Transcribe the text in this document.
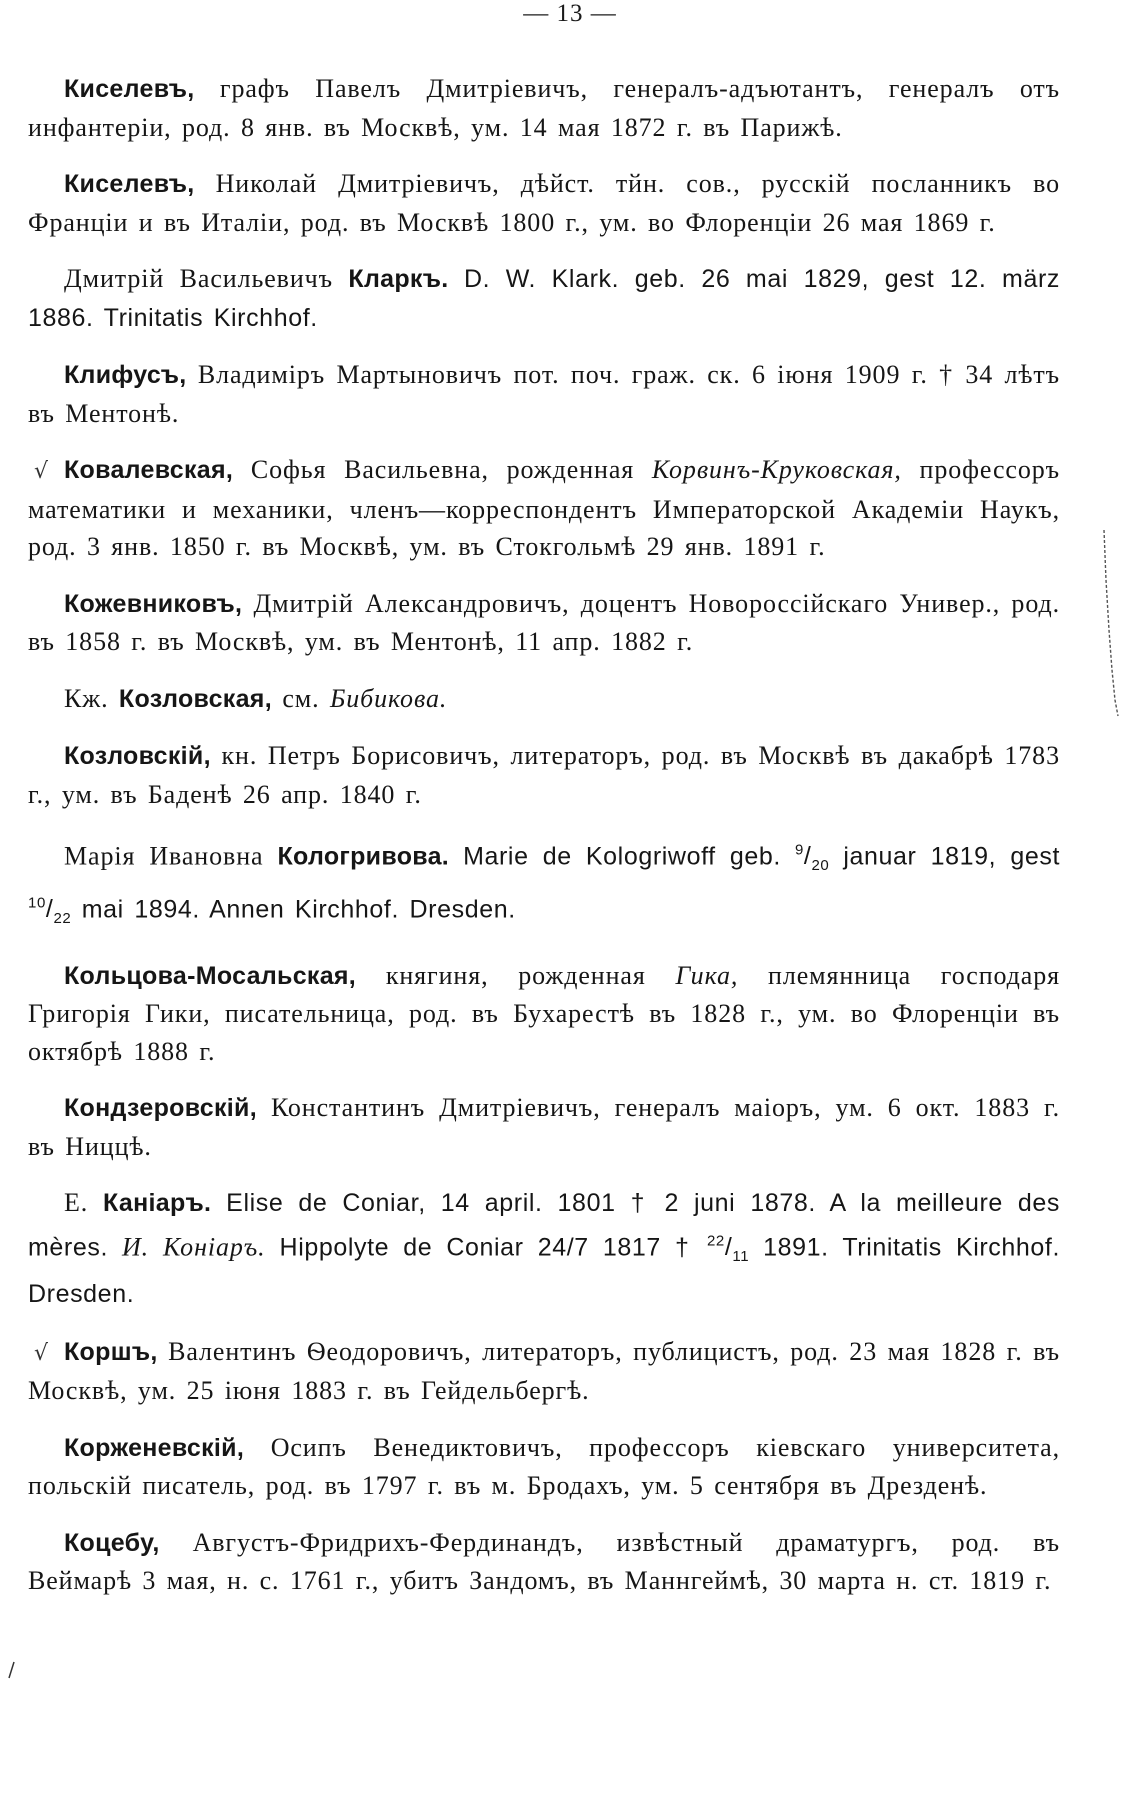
— 13 —

Киселевъ, графъ Павелъ Дмитріевичъ, генералъ-адъютантъ, генералъ отъ инфантеріи, род. 8 янв. въ Москвѣ, ум. 14 мая 1872 г. въ Парижѣ.

Киселевъ, Николай Дмитріевичъ, дѣйст. тйн. сов., русскій посланникъ во Франціи и въ Италіи, род. въ Москвѣ 1800 г., ум. во Флоренціи 26 мая 1869 г.

Дмитрій Васильевичъ Кларкъ. D. W. Klark. geb. 26 mai 1829, gest 12. märz 1886. Trinitatis Kirchhof.

Клифусъ, Владиміръ Мартыновичъ пот. поч. граж. ск. 6 іюня 1909 г. † 34 лѣтъ въ Ментонѣ.

√ Ковалевская, Софья Васильевна, рожденная Корвинъ-Круковская, профессоръ математики и механики, членъ—корреспондентъ Императорской Академіи Наукъ, род. 3 янв. 1850 г. въ Москвѣ, ум. въ Стокгольмѣ 29 янв. 1891 г.

Кожевниковъ, Дмитрій Александровичъ, доцентъ Новороссійскаго Универ., род. въ 1858 г. въ Москвѣ, ум. въ Ментонѣ, 11 апр. 1882 г.

Кж. Козловская, см. Бибикова.

Козловскій, кн. Петръ Борисовичъ, литераторъ, род. въ Москвѣ въ дакабрѣ 1783 г., ум. въ Баденѣ 26 апр. 1840 г.

Марія Ивановна Кологривова. Marie de Kologriwoff geb. $^9/_{20}$ januar 1819, gest $^{10}/_{22}$ mai 1894. Annen Kirchhof. Dresden.

Кольцова-Мосальская, княгиня, рожденная Гика, племянница господаря Григорія Гики, писательница, род. въ Бухарестѣ въ 1828 г., ум. во Флоренціи въ октябрѣ 1888 г.

Кондзеровскій, Константинъ Дмитріевичъ, генералъ маіоръ, ум. 6 окт. 1883 г. въ Ниццѣ.

Е. Каніаръ. Elise de Coniar, 14 april. 1801 † 2 juni 1878. A la meilleure des mères. И. Коніаръ. Hippolyte de Coniar 24/7 1817 † $^{22}/_{11}$ 1891. Trinitatis Kirchhof. Dresden.

√ Коршъ, Валентинъ Ѳеодоровичъ, литераторъ, публицистъ, род. 23 мая 1828 г. въ Москвѣ, ум. 25 іюня 1883 г. въ Гейдельбергѣ.

Корженевскій, Осипъ Венедиктовичъ, профессоръ кіевскаго университета, польскій писатель, род. въ 1797 г. въ м. Бродахъ, ум. 5 сентября въ Дрезденѣ.

Коцебу, Августъ-Фридрихъ-Фердинандъ, извѣстный драматургъ, род. въ Веймарѣ 3 мая, н. с. 1761 г., убитъ Зандомъ, въ Маннгеймѣ, 30 марта н. ст. 1819 г.
